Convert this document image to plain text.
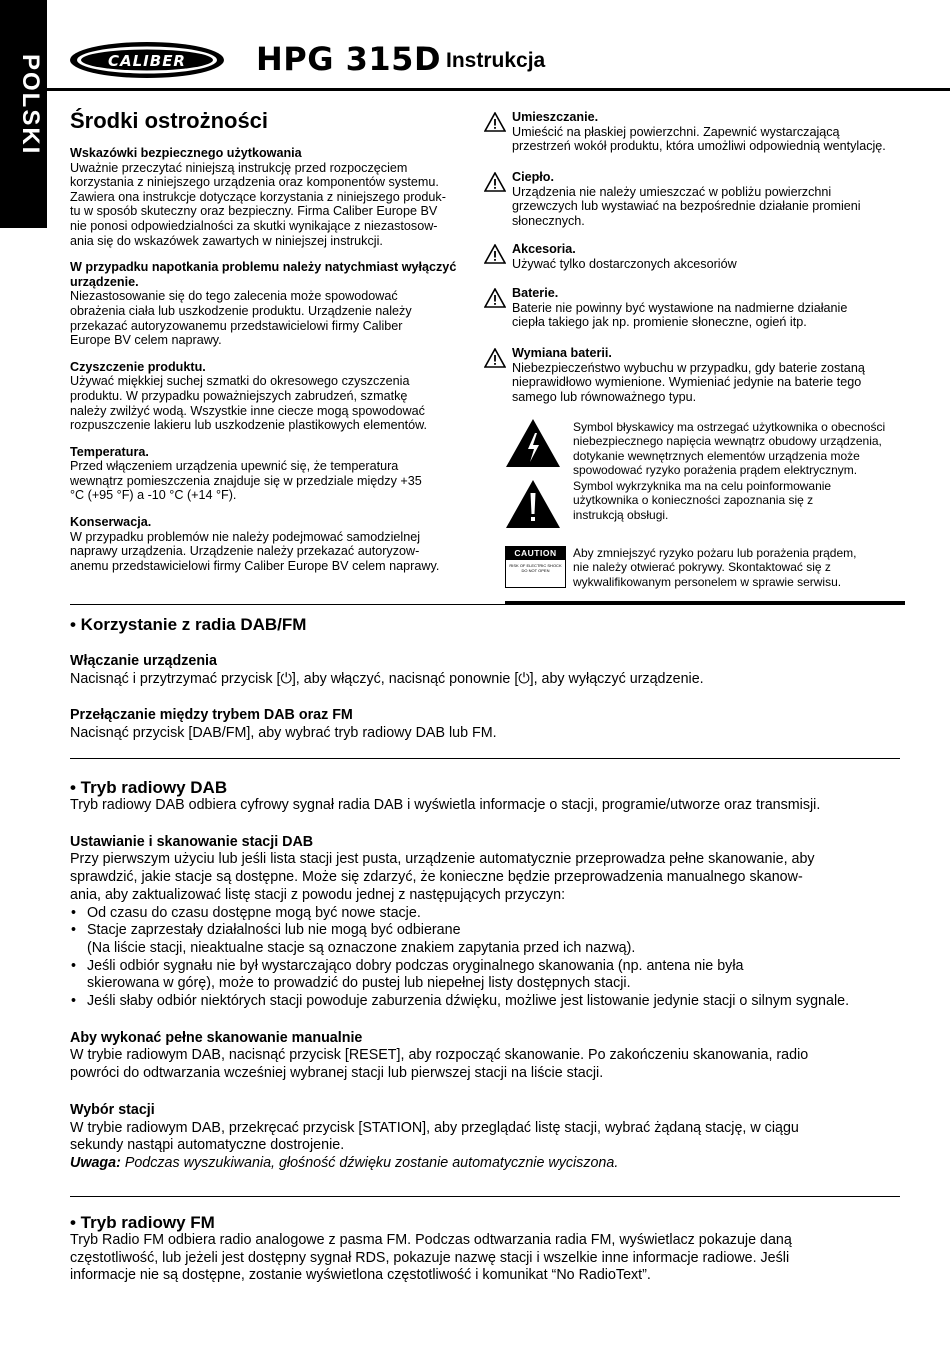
POLSKI	CALIBER HPG 315D Instrukcja
Środki ostrożności
Wskazówki bezpiecznego użytkowania
Uważnie przeczytać niniejszą instrukcję przed rozpoczęciem
korzystania z niniejszego urządzenia oraz komponentów systemu.
Zawiera ona instrukcje dotyczące korzystania z niniejszego produk-
tu w sposób skuteczny oraz bezpieczny. Firma Caliber Europe BV
nie ponosi odpowiedzialności za skutki wynikające z niezastosow-
ania się do wskazówek zawartych w niniejszej instrukcji.
W przypadku napotkania problemu należy natychmiast wyłączyć urządzenie.
Niezastosowanie się do tego zalecenia może spowodować
obrażenia ciała lub uszkodzenie produktu. Urządzenie należy
przekazać autoryzowanemu przedstawicielowi firmy Caliber
Europe BV celem naprawy.
Czyszczenie produktu.
Używać miękkiej suchej szmatki do okresowego czyszczenia
produktu. W przypadku poważniejszych zabrudzeń, szmatkę
należy zwilżyć wodą. Wszystkie inne ciecze mogą spowodować
rozpuszczenie lakieru lub uszkodzenie plastikowych elementów.
Temperatura.
Przed włączeniem urządzenia upewnić się, że temperatura
wewnątrz pomieszczenia znajduje się w przedziale między +35
°C (+95 °F) a -10 °C (+14 °F).
Konserwacja.
W przypadku problemów nie należy podejmować samodzielnej
naprawy urządzenia. Urządzenie należy przekazać autoryzow-
anemu przedstawicielowi firmy Caliber Europe BV celem naprawy.
Umieszczanie.
Umieścić na płaskiej powierzchni. Zapewnić wystarczającą
przestrzeń wokół produktu, która umożliwi odpowiednią wentylację.
Ciepło.
Urządzenia nie należy umieszczać w pobliżu powierzchni
grzewczych lub wystawiać na bezpośrednie działanie promieni
słonecznych.
Akcesoria.
Używać tylko dostarczonych akcesoriów
Baterie.
Baterie nie powinny być wystawione na nadmierne działanie
ciepła takiego jak np. promienie słoneczne, ogień itp.
Wymiana baterii.
Niebezpieczeństwo wybuchu w przypadku, gdy baterie zostaną
nieprawidłowo wymienione. Wymieniać jedynie na baterie tego
samego lub równoważnego typu.
Symbol błyskawicy ma ostrzegać użytkownika o obecności
niebezpiecznego napięcia wewnątrz obudowy urządzenia,
dotykanie wewnętrznych elementów urządzenia może
spowodować ryzyko porażenia prądem elektrycznym.
Symbol wykrzyknika ma na celu poinformowanie
użytkownika o konieczności zapoznania się z
instrukcją obsługi.
CAUTION
RISK OF ELECTRIC SHOCK DO NOT OPEN
Aby zmniejszyć ryzyko pożaru lub porażenia prądem,
nie należy otwierać pokrywy. Skontaktować się z
wykwalifikowanym personelem w sprawie serwisu.
• Korzystanie z radia DAB/FM
Włączanie urządzenia
Nacisnąć i przytrzymać przycisk [⏻], aby włączyć, nacisnąć ponownie [⏻], aby wyłączyć urządzenie.
Przełączanie między trybem DAB oraz FM
Nacisnąć przycisk [DAB/FM], aby wybrać tryb radiowy DAB lub FM.
• Tryb radiowy DAB
Tryb radiowy DAB odbiera cyfrowy sygnał radia DAB i wyświetla informacje o stacji, programie/utworze oraz transmisji.
Ustawianie i skanowanie stacji DAB
Przy pierwszym użyciu lub jeśli lista stacji jest pusta, urządzenie automatycznie przeprowadza pełne skanowanie, aby
sprawdzić, jakie stacje są dostępne. Może się zdarzyć, że konieczne będzie przeprowadzenia manualnego skanow-
ania, aby zaktualizować listę stacji z powodu jednej z następujących przyczyn:
• Od czasu do czasu dostępne mogą być nowe stacje.
• Stacje zaprzestały działalności lub nie mogą być odbierane
(Na liście stacji, nieaktualne stacje są oznaczone znakiem zapytania przed ich nazwą).
• Jeśli odbiór sygnału nie był wystarczająco dobry podczas oryginalnego skanowania (np. antena nie była
skierowana w górę), może to prowadzić do pustej lub niepełnej listy dostępnych stacji.
• Jeśli słaby odbiór niektórych stacji powoduje zaburzenia dźwięku, możliwe jest listowanie jedynie stacji o silnym sygnale.
Aby wykonać pełne skanowanie manualnie
W trybie radiowym DAB, nacisnąć przycisk [RESET], aby rozpocząć skanowanie. Po zakończeniu skanowania, radio
powróci do odtwarzania wcześniej wybranej stacji lub pierwszej stacji na liście stacji.
Wybór stacji
W trybie radiowym DAB, przekręcać przycisk [STATION], aby przeglądać listę stacji, wybrać żądaną stację, w ciągu
sekundy nastąpi automatyczne dostrojenie.
Uwaga: Podczas wyszukiwania, głośność dźwięku zostanie automatycznie wyciszona.
• Tryb radiowy FM
Tryb Radio FM odbiera radio analogowe z pasma FM. Podczas odtwarzania radia FM, wyświetlacz pokazuje daną
częstotliwość, lub jeżeli jest dostępny sygnał RDS, pokazuje nazwę stacji i wszelkie inne informacje radiowe. Jeśli
informacje nie są dostępne, zostanie wyświetlona częstotliwość i komunikat “No RadioText”.
